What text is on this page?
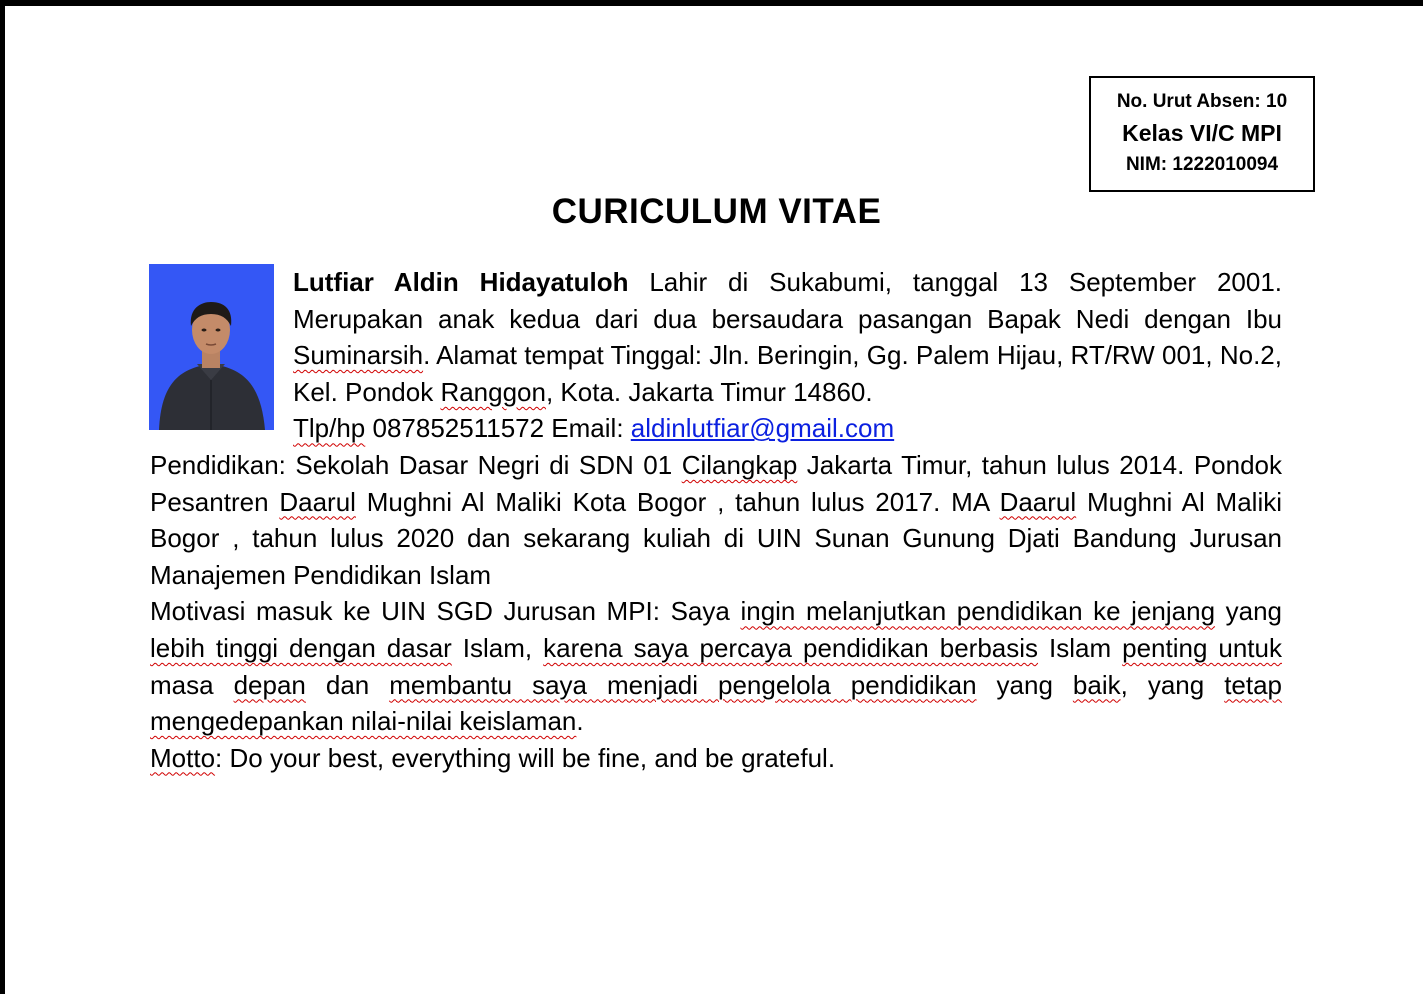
No. Urut Absen: 10
Kelas VI/C MPI
NIM: 1222010094
CURICULUM VITAE

Lutfiar Aldin Hidayatuloh Lahir di Sukabumi, tanggal 13 September 2001. Merupakan anak kedua dari dua bersaudara pasangan Bapak Nedi dengan Ibu Suminarsih. Alamat tempat Tinggal: Jln. Beringin, Gg. Palem Hijau, RT/RW 001, No.2, Kel. Pondok Ranggon, Kota. Jakarta Timur 14860.

Tlp/hp 087852511572 Email: aldinlutfiar@gmail.com

Pendidikan: Sekolah Dasar Negri di SDN 01 Cilangkap Jakarta Timur, tahun lulus 2014. Pondok Pesantren Daarul Mughni Al Maliki Kota Bogor , tahun lulus 2017. MA Daarul Mughni Al Maliki Bogor , tahun lulus 2020 dan sekarang kuliah di UIN Sunan Gunung Djati Bandung Jurusan Manajemen Pendidikan Islam

Motivasi masuk ke UIN SGD Jurusan MPI: Saya ingin melanjutkan pendidikan ke jenjang yang lebih tinggi dengan dasar Islam, karena saya percaya pendidikan berbasis Islam penting untuk masa depan dan membantu saya menjadi pengelola pendidikan yang baik, yang tetap mengedepankan nilai-nilai keislaman.

Motto: Do your best, everything will be fine, and be grateful.
